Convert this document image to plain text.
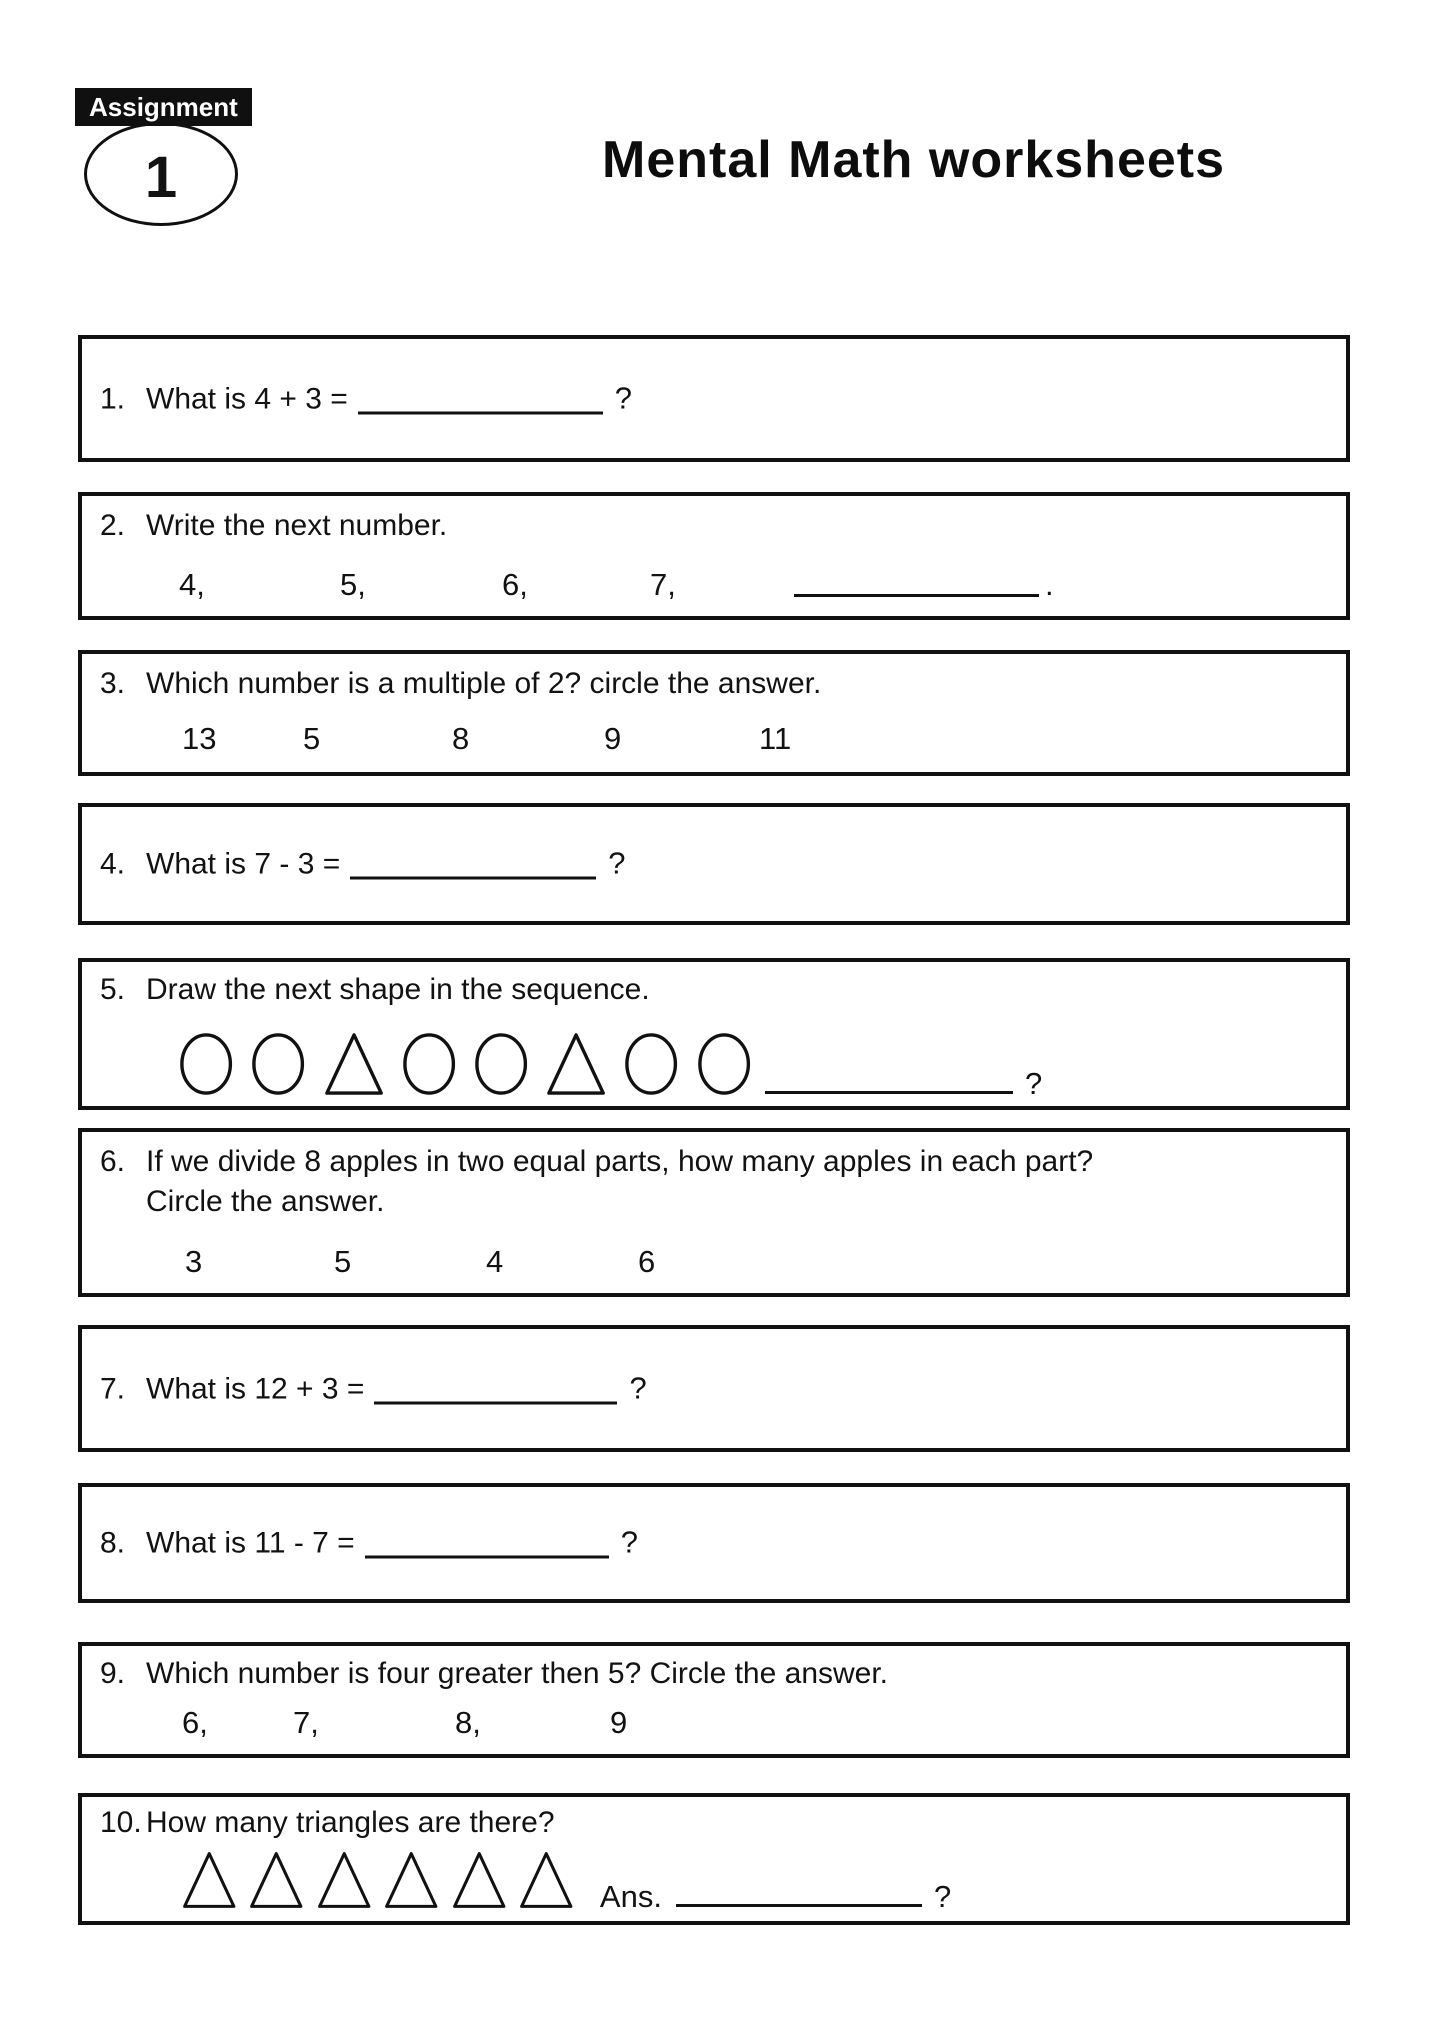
Assignment
1	Mental Math worksheets
1. What is 4 + 3 =	?
2. Write the next number.
4,	5,	6,	7,	.
3. Which number is a multiple of 2? circle the answer.
13	5	8	9	11
4. What is 7 - 3 =	?
5. Draw the next shape in the sequence.
?
6. If we divide 8 apples in two equal parts, how many apples in each part? Circle the answer.
3	5	4	6
7. What is 12 + 3 =	?
8. What is 11 - 7 =	?
9. Which number is four greater then 5? Circle the answer.
6,	7,	8,	9
10. How many triangles are there?
Ans.	?
